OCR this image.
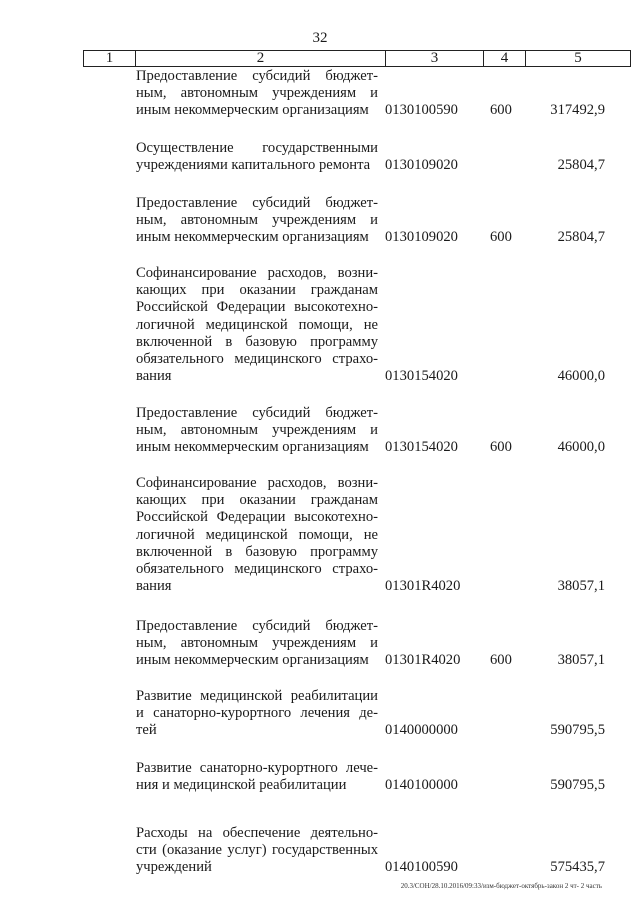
32
1	2	3	4	5
Предоставление субсидий бюджет-
ным, автономным учреждениям и
иным некоммерческим организациям	0130100590 600	317492,9
Осуществление государственными
учреждениями капитального ремонта	0130109020	25804,7
Предоставление субсидий бюджет-
ным, автономным учреждениям и
иным некоммерческим организациям	0130109020 600	25804,7
Софинансирование расходов, возни-
кающих при оказании гражданам
Российской Федерации высокотехно-
логичной медицинской помощи, не
включенной в базовую программу
обязательного медицинского страхо-
вания	0130154020	46000,0
Предоставление субсидий бюджет-
ным, автономным учреждениям и
иным некоммерческим организациям	0130154020 600	46000,0
Софинансирование расходов, возни-
кающих при оказании гражданам
Российской Федерации высокотехно-
логичной медицинской помощи, не
включенной в базовую программу
обязательного медицинского страхо-
вания	01301R4020	38057,1
Предоставление субсидий бюджет-
ным, автономным учреждениям и
иным некоммерческим организациям	01301R4020 600	38057,1
Развитие медицинской реабилитации
и санаторно-курортного лечения де-
тей	0140000000	590795,5
Развитие санаторно-курортного лече-
ния и медицинской реабилитации	0140100000	590795,5
Расходы на обеспечение деятельно-
сти (оказание услуг) государственных
учреждений	0140100590	575435,7
20.3/СОН/28.10.2016/09:33/изм-бюджет-октябрь-закон 2 чт- 2 часть
